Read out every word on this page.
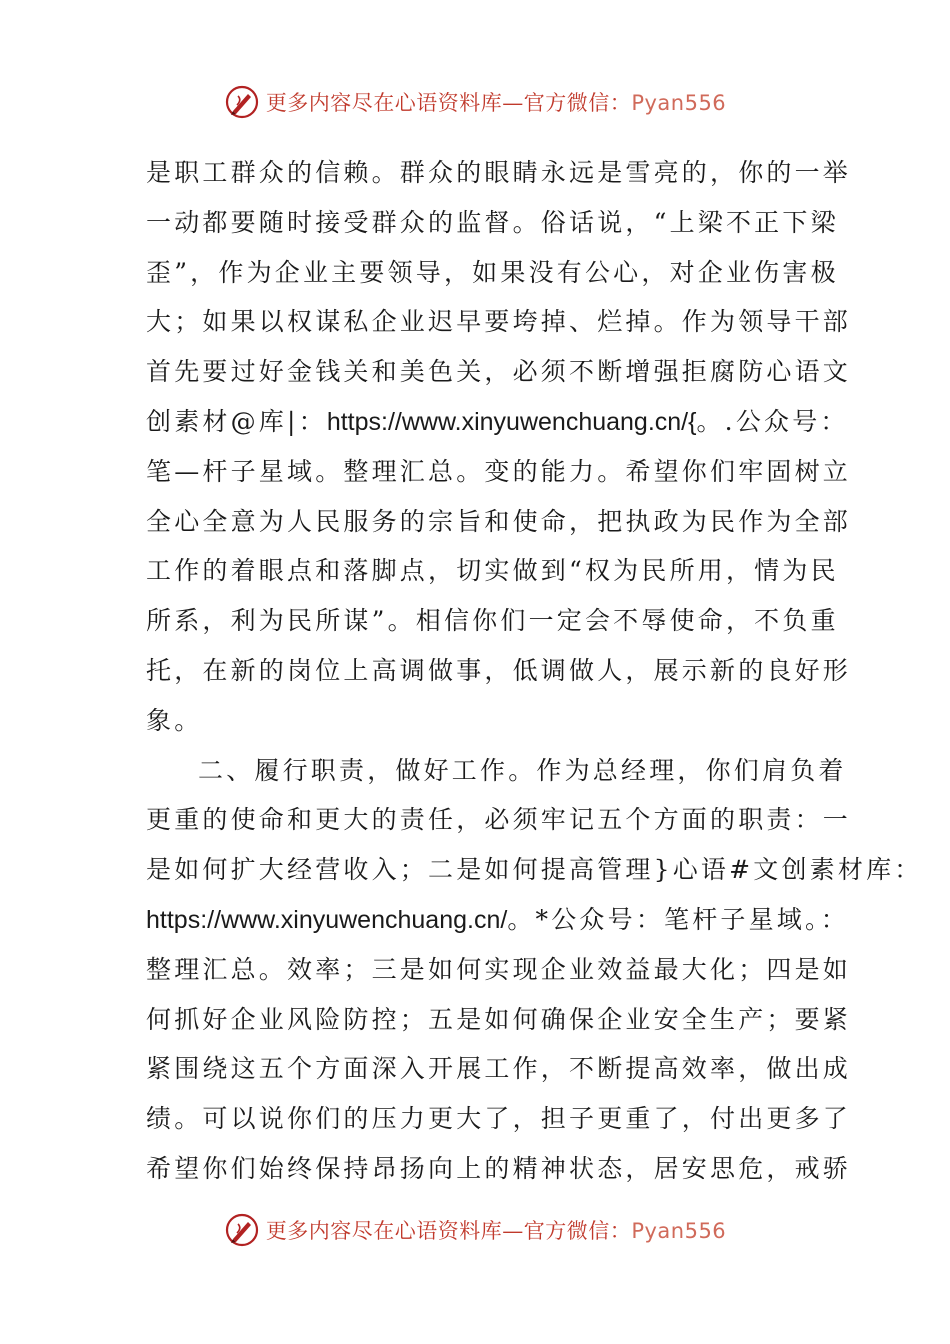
更多内容尽在心语资料库—官方微信：Pyan556
是职工群众的信赖。群众的眼睛永远是雪亮的，你的一举
一动都要随时接受群众的监督。俗话说，“上梁不正下梁
歪”，作为企业主要领导，如果没有公心，对企业伤害极
大；如果以权谋私企业迟早要垮掉、烂掉。作为领导干部
首先要过好金钱关和美色关，必须不断增强拒腐防心语文
创素材@库|：https://www.xinyuwenchuang.cn/{。.公众号：
笔—杆子星域。整理汇总。变的能力。希望你们牢固树立
全心全意为人民服务的宗旨和使命，把执政为民作为全部
工作的着眼点和落脚点，切实做到“权为民所用，情为民
所系，利为民所谋”。相信你们一定会不辱使命，不负重
托，在新的岗位上高调做事，低调做人，展示新的良好形
象。
二、履行职责，做好工作。作为总经理，你们肩负着
更重的使命和更大的责任，必须牢记五个方面的职责：一
是如何扩大经营收入；二是如何提高管理}心语#文创素材库：
https://www.xinyuwenchuang.cn/。*公众号：笔杆子星域。：
整理汇总。效率；三是如何实现企业效益最大化；四是如
何抓好企业风险防控；五是如何确保企业安全生产；要紧
紧围绕这五个方面深入开展工作，不断提高效率，做出成
绩。可以说你们的压力更大了，担子更重了，付出更多了
希望你们始终保持昂扬向上的精神状态，居安思危，戒骄
更多内容尽在心语资料库—官方微信：Pyan556
